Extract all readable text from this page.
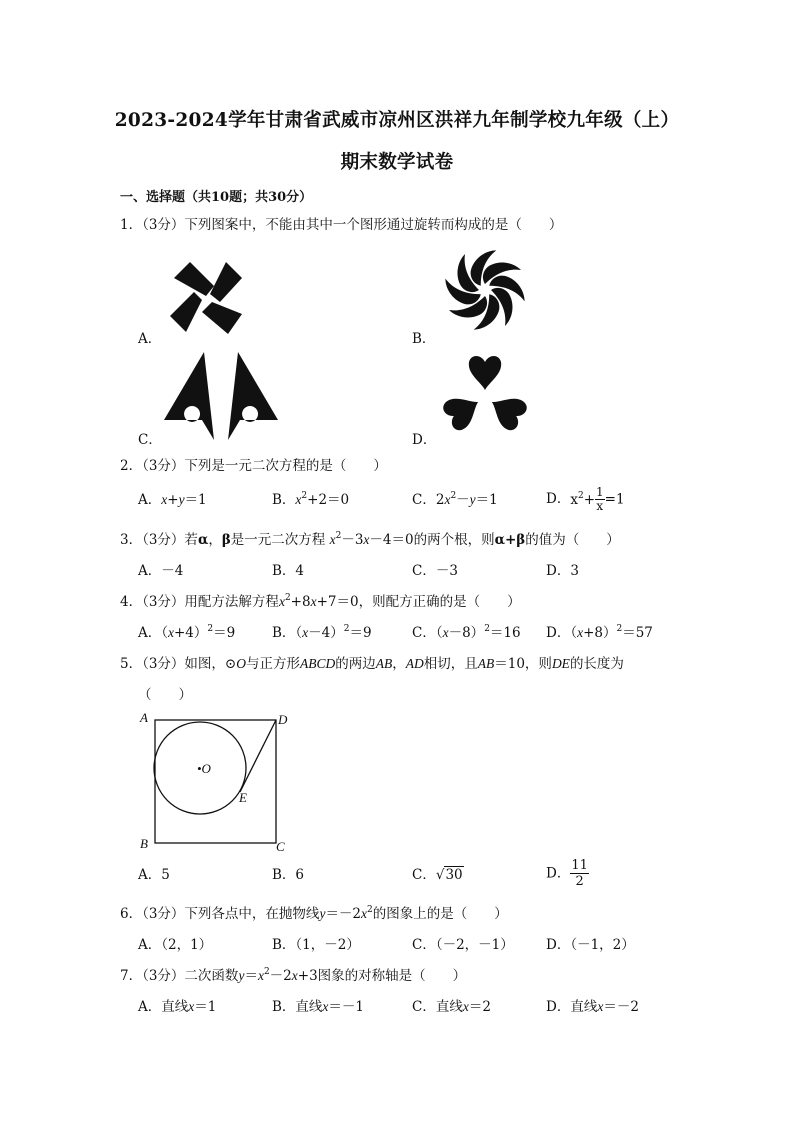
2023-2024学年甘肃省武威市凉州区洪祥九年制学校九年级（上）
期末数学试卷
一、选择题（共10题；共30分）
1．（3分）下列图案中，不能由其中一个图形通过旋转而构成的是（　　）
A．	B．
C．	D．
2．（3分）下列是一元二次方程的是（　　）
A．x+y＝1	B．$x^2+2=0$	C．$2x^2-y=1$	D．$x^2+ \frac{1}{x} =1$
3．（3分）若α，β是一元二次方程 $x^2-3x-4=0$的两个根，则α+β的值为（　　）
A．－4	B．4	C．－3	D．3
4．（3分）用配方法解方程$x^2+8x+7=0$，则配方正确的是（　　）
A．$(x+4)^2=9$	B．$(x-4)^2=9$	C．$(x-8)^2=16$ D．$(x+8)^2=57$
5．（3分）如图，⊙O与正方形ABCD的两边AB，AD相切，且AB＝10，则DE的长度为
（　　）
A	D
B	C
E
•O
A．5	B．6	C．√30	D． $\frac{11}{2}$
6．（3分）下列各点中，在抛物线$y=-2x^2$的图象上的是（　　）
A．（2，1）	B．（1，－2）	C．（－2，－1） D．（－1，2）
7．（3分）二次函数$y=x^2-2x+3$图象的对称轴是（　　）
A．直线x＝1	B．直线x＝－1	C．直线x＝2	D．直线x＝－2
